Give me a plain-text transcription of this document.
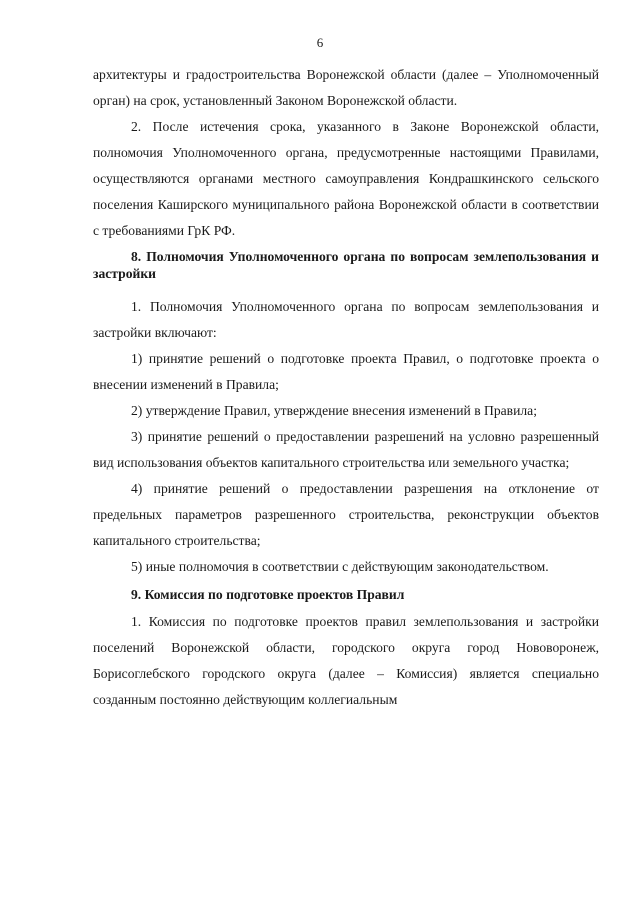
6

архитектуры и градостроительства Воронежской области (далее – Уполномоченный орган) на срок, установленный Законом Воронежской области.

2. После истечения срока, указанного в Законе Воронежской области, полномочия Уполномоченного органа, предусмотренные настоящими Правилами, осуществляются органами местного самоуправления Кондрашкинского сельского поселения Каширского муниципального района Воронежской области в соответствии с требованиями ГрК РФ.

8. Полномочия Уполномоченного органа по вопросам землепользования и застройки

1. Полномочия Уполномоченного органа по вопросам землепользования и застройки включают:

1) принятие решений о подготовке проекта Правил, о подготовке проекта о внесении изменений в Правила;

2) утверждение Правил, утверждение внесения изменений в Правила;

3) принятие решений о предоставлении разрешений на условно разрешенный вид использования объектов капитального строительства или земельного участка;

4) принятие решений о предоставлении разрешения на отклонение от предельных параметров разрешенного строительства, реконструкции объектов капитального строительства;

5) иные полномочия в соответствии с действующим законодательством.

9. Комиссия по подготовке проектов Правил

1. Комиссия по подготовке проектов правил землепользования и застройки поселений Воронежской области, городского округа город Нововоронеж, Борисоглебского городского округа (далее – Комиссия) является специально созданным постоянно действующим коллегиальным
